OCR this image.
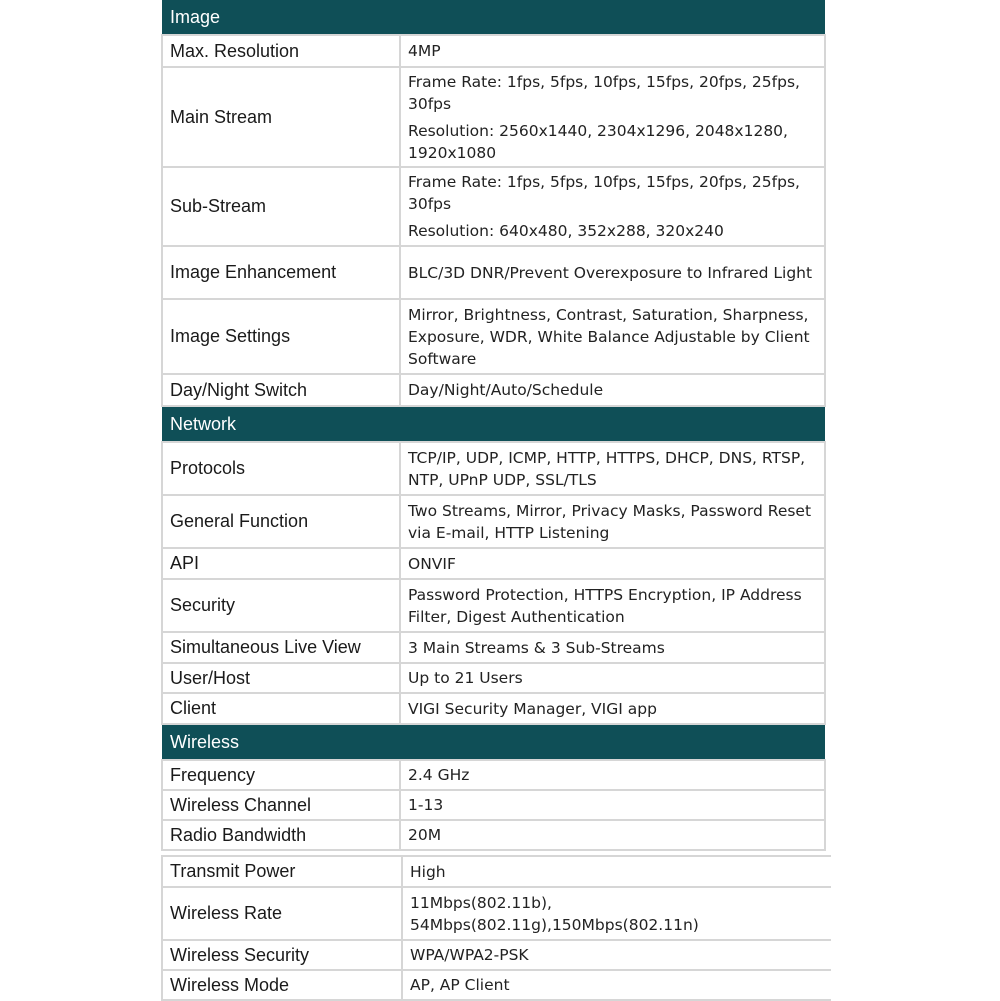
Image	
Max. Resolution	4MP
Main Stream	Frame Rate: 1fps, 5fps, 10fps, 15fps, 20fps, 25fps, 30fps
Resolution: 2560x1440, 2304x1296, 2048x1280, 1920x1080

Sub-Stream	Frame Rate: 1fps, 5fps, 10fps, 15fps, 20fps, 25fps, 30fps
Resolution: 640x480, 352x288, 320x240

Image Enhancement	BLC/3D DNR/Prevent Overexposure to Infrared Light
Image Settings	Mirror, Brightness, Contrast, Saturation, Sharpness, Exposure, WDR, White Balance Adjustable by Client Software
Day/Night Switch	Day/Night/Auto/Schedule
Network	
Protocols	TCP/IP, UDP, ICMP, HTTP, HTTPS, DHCP, DNS, RTSP, NTP, UPnP UDP, SSL/TLS
General Function	Two Streams, Mirror, Privacy Masks, Password Reset via E-mail, HTTP Listening
API	ONVIF
Security	Password Protection, HTTPS Encryption, IP Address Filter, Digest Authentication
Simultaneous Live View	3 Main Streams & 3 Sub-Streams
User/Host	Up to 21 Users
Client	VIGI Security Manager, VIGI app
Wireless	
Frequency	2.4 GHz
Wireless Channel	1-13
Radio Bandwidth	20M
Transmit Power	High
Wireless Rate	11Mbps(802.11b),
54Mbps(802.11g),150Mbps(802.11n)

Wireless Security	WPA/WPA2-PSK
Wireless Mode	AP, AP Client
